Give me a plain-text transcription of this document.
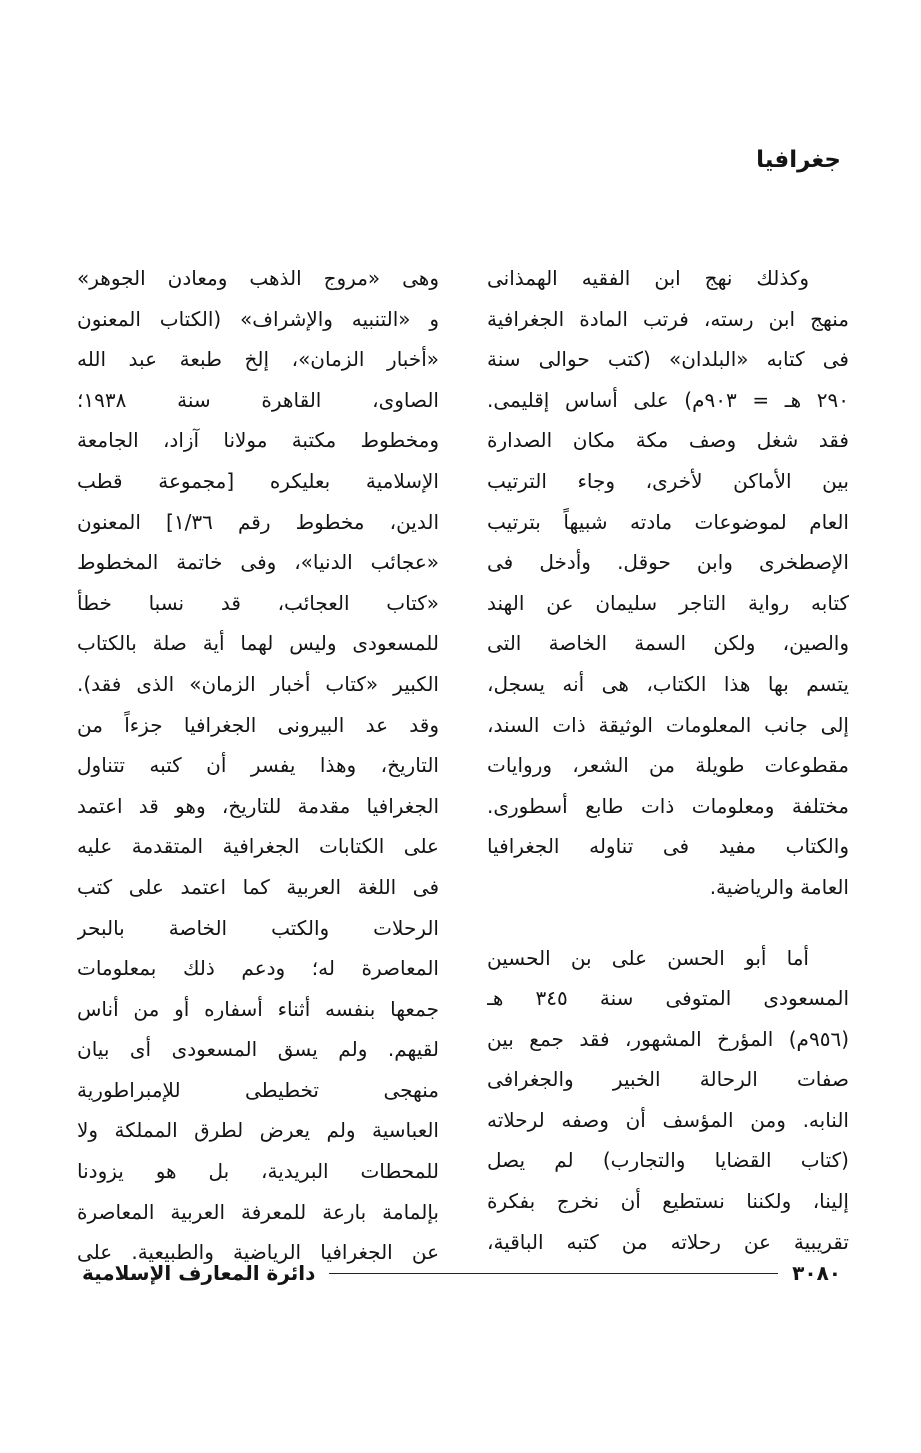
جغرافيا
وكذلك نهج ابن الفقيه الهمذانى
منهج ابن رسته، فرتب المادة الجغرافية
فى كتابه «البلدان» (كتب حوالى سنة
٢٩٠ هـ = ٩٠٣م) على أساس إقليمى.
فقد شغل وصف مكة مكان الصدارة
بين الأماكن لأخرى، وجاء الترتيب
العام لموضوعات مادته شبيهاً بترتيب
الإصطخرى وابن حوقل. وأدخل فى
كتابه رواية التاجر سليمان عن الهند
والصين، ولكن السمة الخاصة التى
يتسم بها هذا الكتاب، هى أنه يسجل،
إلى جانب المعلومات الوثيقة ذات السند،
مقطوعات طويلة من الشعر، وروايات
مختلفة ومعلومات ذات طابع أسطورى.
والكتاب مفيد فى تناوله الجغرافيا
العامة والرياضية.
أما أبو الحسن على بن الحسين
المسعودى المتوفى سنة ٣٤٥ هـ
(٩٥٦م) المؤرخ المشهور، فقد جمع بين
صفات الرحالة الخبير والجغرافى
النابه. ومن المؤسف أن وصفه لرحلاته
(كتاب القضايا والتجارب) لم يصل
إلينا، ولكننا نستطيع أن نخرج بفكرة
تقريبية عن رحلاته من كتبه الباقية،
وهى «مروج الذهب ومعادن الجوهر»
و «التنبيه والإشراف» (الكتاب المعنون
«أخبار الزمان»، إلخ طبعة عبد الله
الصاوى، القاهرة سنة ١٩٣٨؛
ومخطوط مكتبة مولانا آزاد، الجامعة
الإسلامية بعليكره [مجموعة قطب
الدين، مخطوط رقم ١/٣٦] المعنون
«عجائب الدنيا»، وفى خاتمة المخطوط
«كتاب العجائب، قد نسبا خطأ
للمسعودى وليس لهما أية صلة بالكتاب
الكبير «كتاب أخبار الزمان» الذى فقد).
وقد عد البيرونى الجغرافيا جزءاً من
التاريخ، وهذا يفسر أن كتبه تتناول
الجغرافيا مقدمة للتاريخ، وهو قد اعتمد
على الكتابات الجغرافية المتقدمة عليه
فى اللغة العربية كما اعتمد على كتب
الرحلات والكتب الخاصة بالبحر
المعاصرة له؛ ودعم ذلك بمعلومات
جمعها بنفسه أثناء أسفاره أو من أناس
لقيهم. ولم يسق المسعودى أى بيان
منهجى تخطيطى للإمبراطورية
العباسية ولم يعرض لطرق المملكة ولا
للمحطات البريدية، بل هو يزودنا
بإلمامة بارعة للمعرفة العربية المعاصرة
عن الجغرافيا الرياضية والطبيعية. على
٣٠٨٠
دائرة المعارف الإسلامية
